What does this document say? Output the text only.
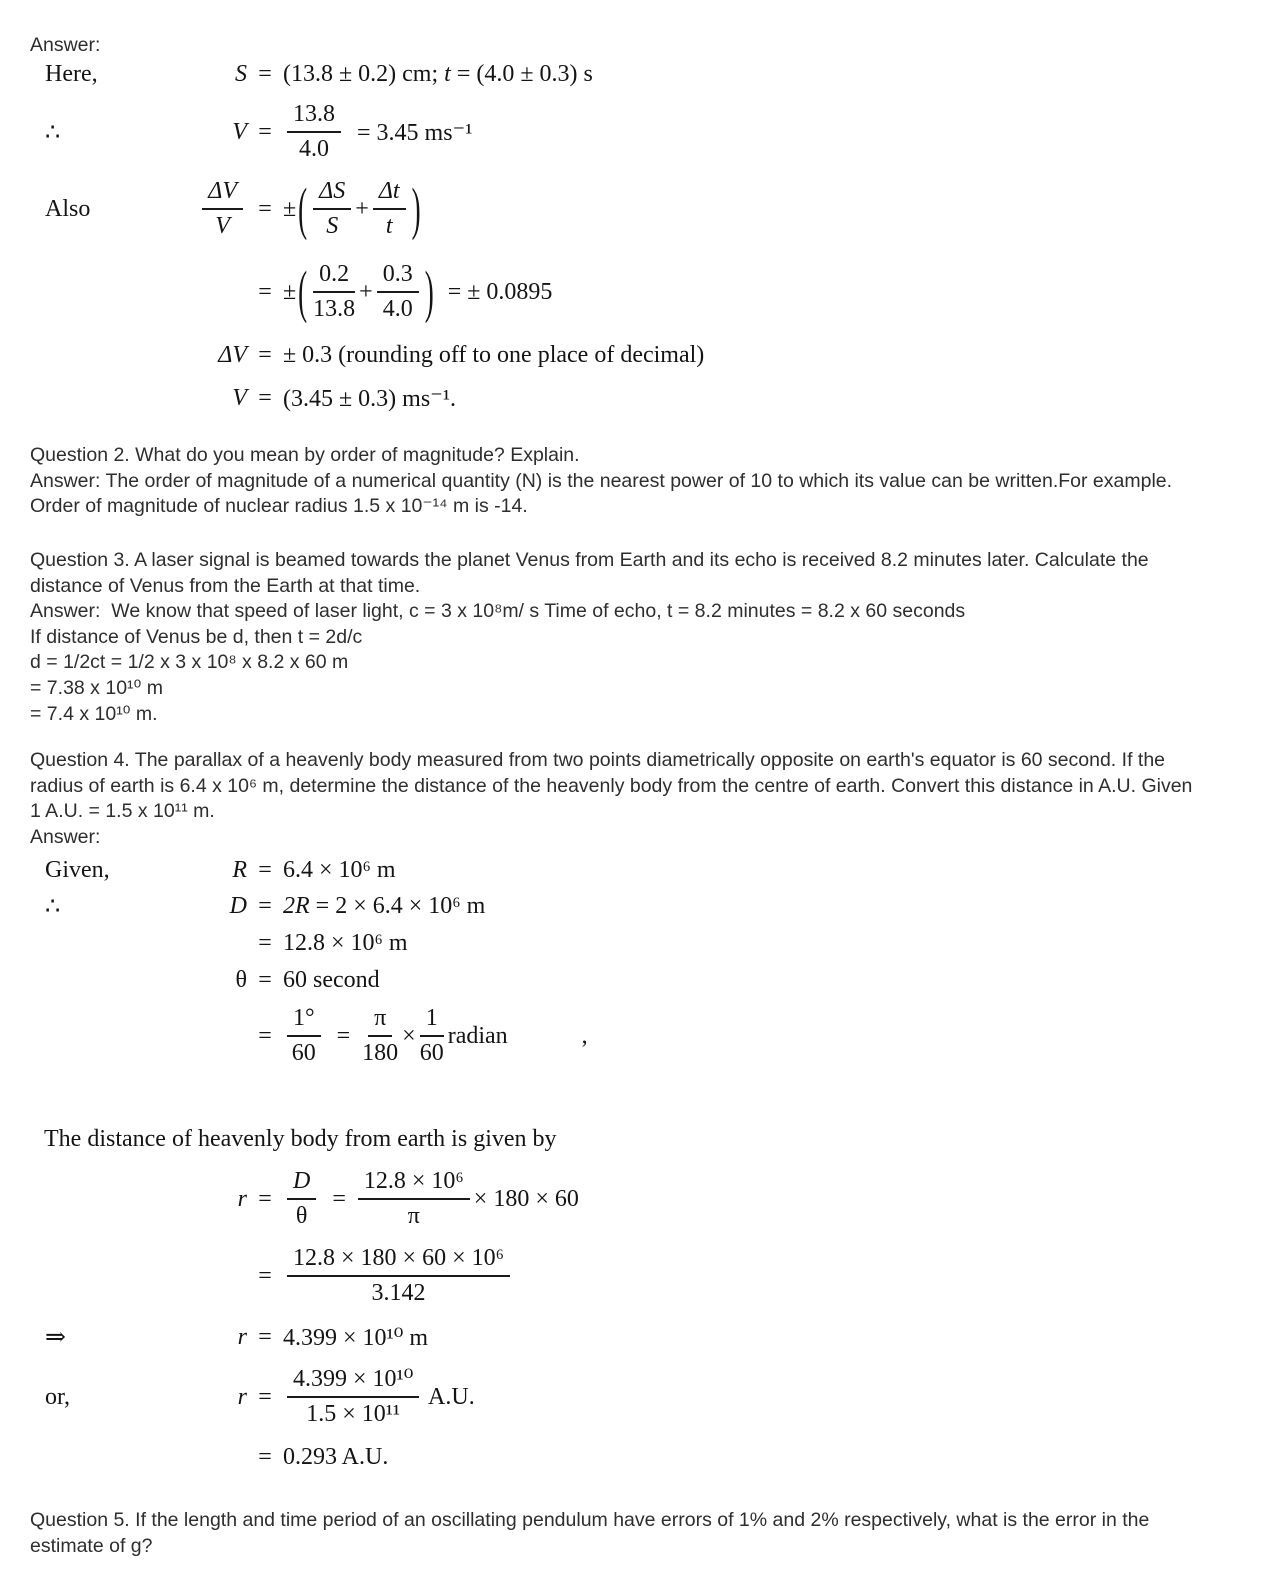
Answer:
Here,	S = (13.8 ± 0.2) cm; t = (4.0 ± 0.3) s
∴	$V = \frac{13.8}{4.0} = 3.45$ ms⁻¹
Also	$\frac{\Delta V}{V}$ = ± ( $\frac{\Delta S}{S} + \frac{\Delta t}{t}$ )
= ± ( $\frac{0.2}{13.8} + \frac{0.3}{4.0}$ ) = ± 0.0895
ΔV = ± 0.3 (rounding off to one place of decimal)
V = (3.45 ± 0.3) ms⁻¹.
Question 2. What do you mean by order of magnitude? Explain.
Answer: The order of magnitude of a numerical quantity (N) is the nearest power of 10 to which its value can be written.For example.
Order of magnitude of nuclear radius 1.5 x 10⁻¹⁴ m is -14.
Question 3. A laser signal is beamed towards the planet Venus from Earth and its echo is received 8.2 minutes later. Calculate the
distance of Venus from the Earth at that time.
Answer:  We know that speed of laser light, c = 3 x 10⁸m/ s Time of echo, t = 8.2 minutes = 8.2 x 60 seconds
If distance of Venus be d, then t = 2d/c
d = 1/2ct = 1/2 x 3 x 10⁸ x 8.2 x 60 m
= 7.38 x 10¹⁰ m
= 7.4 x 10¹⁰ m.
Question 4. The parallax of a heavenly body measured from two points diametrically opposite on earth's equator is 60 second. If the
radius of earth is 6.4 x 10⁶ m, determine the distance of the heavenly body from the centre of earth. Convert this distance in A.U. Given
1 A.U. = 1.5 x 10¹¹ m.
Answer:
Given,	R = 6.4 × 10⁶ m
∴	D = 2R = 2 × 6.4 × 10⁶ m
= 12.8 × 10⁶ m
θ = 60 second
= $\frac{1^\circ}{60} = \frac{\pi}{180} \times \frac{1}{60}$ radian	,
The distance of heavenly body from earth is given by
$r = \frac{D}{\theta} = \frac{\text{12.8 × 10⁶}}{\pi} \times 180 \times 60$
= $\frac{\text{12.8 × 180 × 60 × 10⁶}}{3.142}$
⇒	r = 4.399 × 10¹⁰ m
or,	$r = \frac{\text{4.399 × 10¹⁰}}{\text{1.5 × 10¹¹}} A.U$.
= 0.293 A.U.
Question 5. If the length and time period of an oscillating pendulum have errors of 1% and 2% respectively, what is the error in the
estimate of g?
